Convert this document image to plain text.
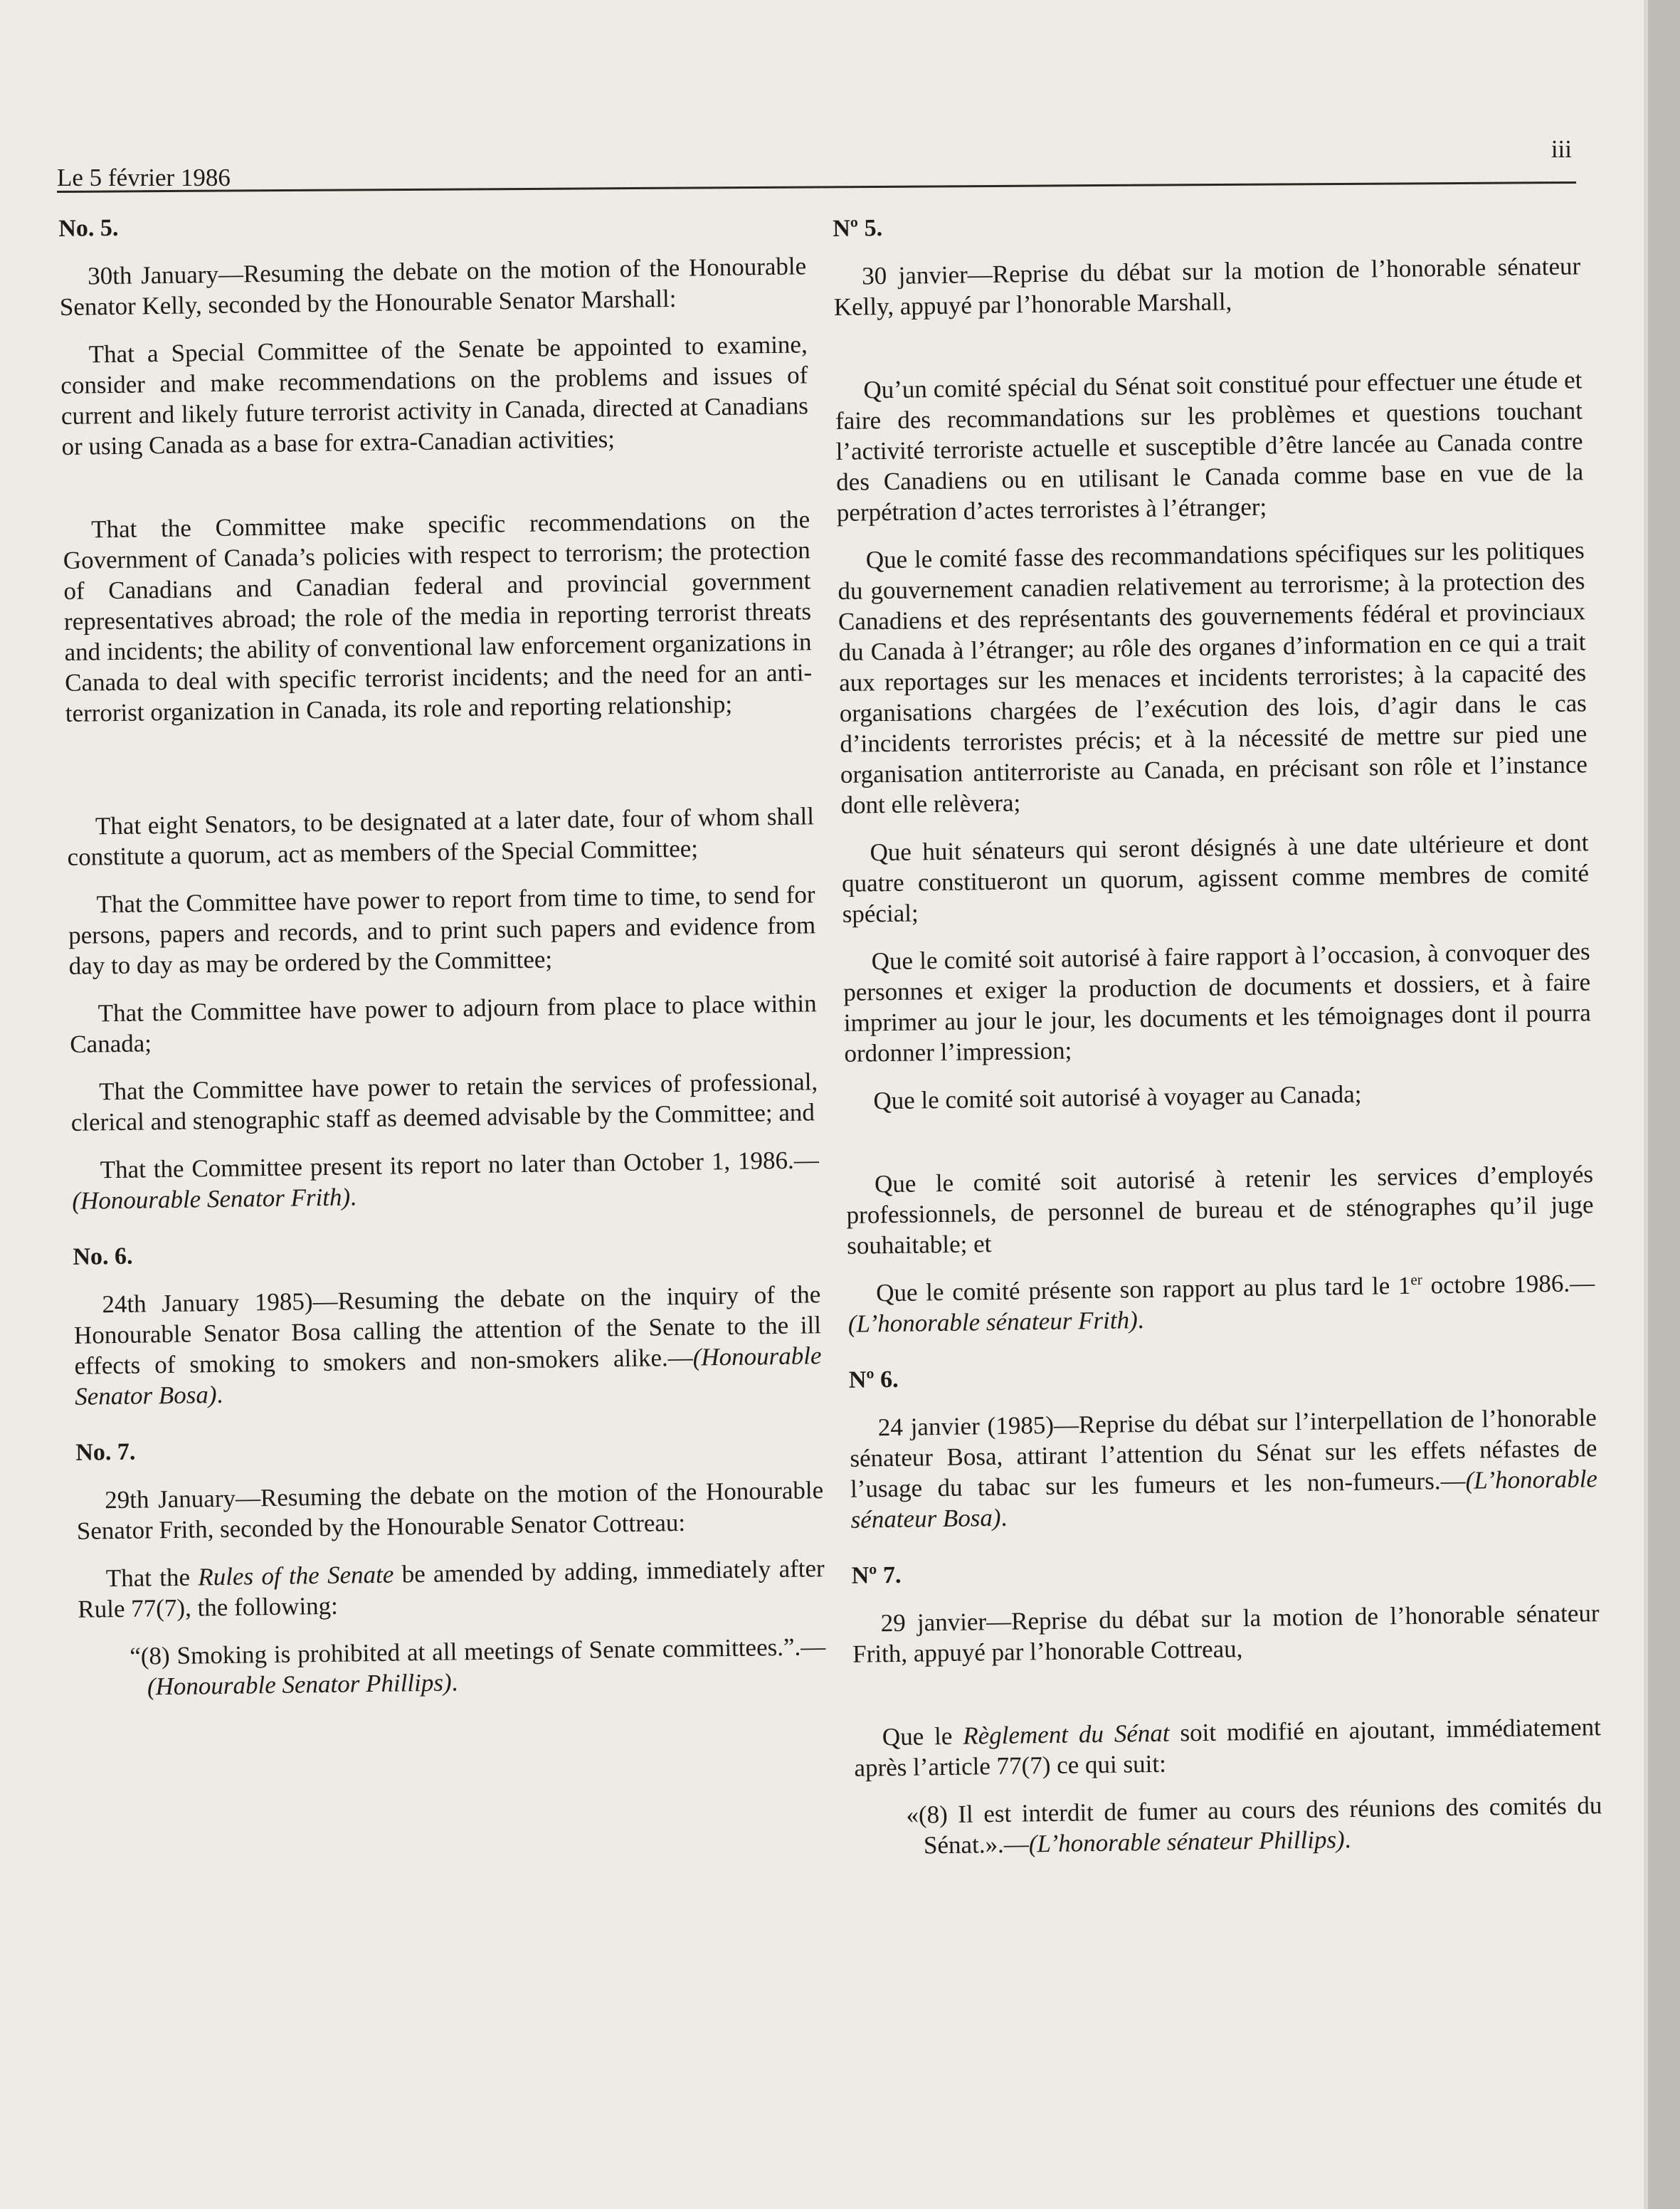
Le 5 février 1986
iii
No. 5.

30th January—Resuming the debate on the motion of the Honourable Senator Kelly, seconded by the Honourable Senator Marshall:

That a Special Committee of the Senate be appointed to examine, consider and make recommendations on the problems and issues of current and likely future terrorist activity in Canada, directed at Canadians or using Canada as a base for extra-Canadian activities;

That the Committee make specific recommendations on the Government of Canada’s policies with respect to terrorism; the protection of Canadians and Canadian federal and provincial government representatives abroad; the role of the media in reporting terrorist threats and incidents; the ability of conventional law enforcement organizations in Canada to deal with specific terrorist incidents; and the need for an anti-terrorist organization in Canada, its role and reporting relationship;

That eight Senators, to be designated at a later date, four of whom shall constitute a quorum, act as members of the Special Committee;

That the Committee have power to report from time to time, to send for persons, papers and records, and to print such papers and evidence from day to day as may be ordered by the Committee;

That the Committee have power to adjourn from place to place within Canada;

That the Committee have power to retain the services of professional, clerical and stenographic staff as deemed advisable by the Committee; and

That the Committee present its report no later than October 1, 1986.—(Honourable Senator Frith).

No. 6.

24th January 1985)—Resuming the debate on the inquiry of the Honourable Senator Bosa calling the attention of the Senate to the ill effects of smoking to smokers and non-smokers alike.—(Honourable Senator Bosa).

No. 7.

29th January—Resuming the debate on the motion of the Honourable Senator Frith, seconded by the Honourable Senator Cottreau:

That the Rules of the Senate be amended by adding, immediately after Rule 77(7), the following:

“(8) Smoking is prohibited at all meetings of Senate committees.”.—(Honourable Senator Phillips).

Nº 5.

30 janvier—Reprise du débat sur la motion de l’honorable sénateur Kelly, appuyé par l’honorable Marshall,

Qu’un comité spécial du Sénat soit constitué pour effectuer une étude et faire des recommandations sur les problèmes et questions touchant l’activité terroriste actuelle et susceptible d’être lancée au Canada contre des Canadiens ou en utilisant le Canada comme base en vue de la perpétration d’actes terroristes à l’étranger;

Que le comité fasse des recommandations spécifiques sur les politiques du gouvernement canadien relativement au terrorisme; à la protection des Canadiens et des représentants des gouvernements fédéral et provinciaux du Canada à l’étranger; au rôle des organes d’information en ce qui a trait aux reportages sur les menaces et incidents terroristes; à la capacité des organisations chargées de l’exécution des lois, d’agir dans le cas d’incidents terroristes précis; et à la nécessité de mettre sur pied une organisation antiterroriste au Canada, en précisant son rôle et l’instance dont elle relèvera;

Que huit sénateurs qui seront désignés à une date ultérieure et dont quatre constitueront un quorum, agissent comme membres de comité spécial;

Que le comité soit autorisé à faire rapport à l’occasion, à convoquer des personnes et exiger la production de documents et dossiers, et à faire imprimer au jour le jour, les documents et les témoignages dont il pourra ordonner l’impression;

Que le comité soit autorisé à voyager au Canada;

Que le comité soit autorisé à retenir les services d’employés professionnels, de personnel de bureau et de sténographes qu’il juge souhaitable; et

Que le comité présente son rapport au plus tard le 1er octobre 1986.—(L’honorable sénateur Frith).

Nº 6.

24 janvier (1985)—Reprise du débat sur l’interpellation de l’honorable sénateur Bosa, attirant l’attention du Sénat sur les effets néfastes de l’usage du tabac sur les fumeurs et les non-fumeurs.—(L’honorable sénateur Bosa).

Nº 7.

29 janvier—Reprise du débat sur la motion de l’honorable sénateur Frith, appuyé par l’honorable Cottreau,

Que le Règlement du Sénat soit modifié en ajoutant, immédiatement après l’article 77(7) ce qui suit:

«(8) Il est interdit de fumer au cours des réunions des comités du Sénat.».—(L’honorable sénateur Phillips).
